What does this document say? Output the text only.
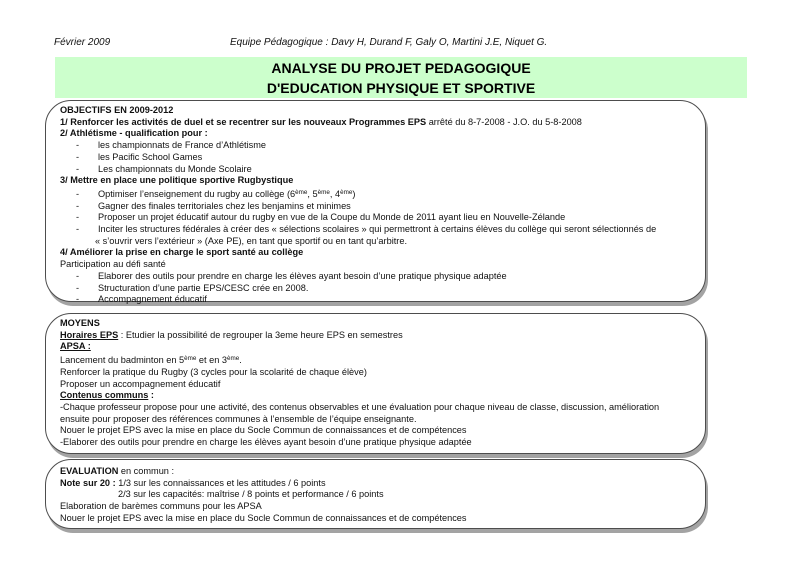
Février 2009	Equipe Pédagogique : Davy H, Durand F, Galy O, Martini J.E, Niquet G.
ANALYSE DU PROJET PEDAGOGIQUE
D'EDUCATION PHYSIQUE ET SPORTIVE
OBJECTIFS EN 2009-2012
1/ Renforcer les activités de duel et se recentrer sur les nouveaux Programmes EPS arrêté du 8-7-2008 - J.O. du 5-8-2008
2/ Athlétisme - qualification pour :
- les championnats de France d’Athlétisme
- les Pacific School Games
- Les championnats du Monde Scolaire
3/ Mettre en place une politique sportive Rugbystique
- Optimiser l’enseignement du rugby au collège (6ème, 5ème, 4ème)
- Gagner des finales territoriales chez les benjamins et minimes
- Proposer un projet éducatif autour du rugby en vue de la Coupe du Monde de 2011 ayant lieu en Nouvelle-Zélande
- Inciter les structures fédérales à créer des « sélections scolaires » qui permettront à certains élèves du collège qui seront sélectionnés de
« s’ouvrir vers l’extérieur » (Axe PE), en tant que sportif ou en tant qu’arbitre.
4/ Améliorer la prise en charge le sport santé au collège
Participation au défi santé
- Elaborer des outils pour prendre en charge les élèves ayant besoin d’une pratique physique adaptée
- Structuration d’une partie EPS/CESC crée en 2008.
- Accompagnement éducatif
MOYENS
Horaires EPS : Etudier la possibilité de regrouper la 3eme heure EPS en semestres
APSA :
Lancement du badminton en 5ème et en 3ème.
Renforcer la pratique du Rugby (3 cycles pour la scolarité de chaque élève)
Proposer un accompagnement éducatif
Contenus communs :
-Chaque professeur propose pour une activité, des contenus observables et une évaluation pour chaque niveau de classe, discussion, amélioration
ensuite pour proposer des références communes à l’ensemble de l’équipe enseignante.
Nouer le projet EPS avec la mise en place du Socle Commun de connaissances et de compétences
-Elaborer des outils pour prendre en charge les élèves ayant besoin d’une pratique physique adaptée
EVALUATION en commun :
Note sur 20 : 1/3 sur les connaissances et les attitudes / 6 points
2/3 sur les capacités: maîtrise / 8 points et performance / 6 points
Elaboration de barèmes communs pour les APSA
Nouer le projet EPS avec la mise en place du Socle Commun de connaissances et de compétences
